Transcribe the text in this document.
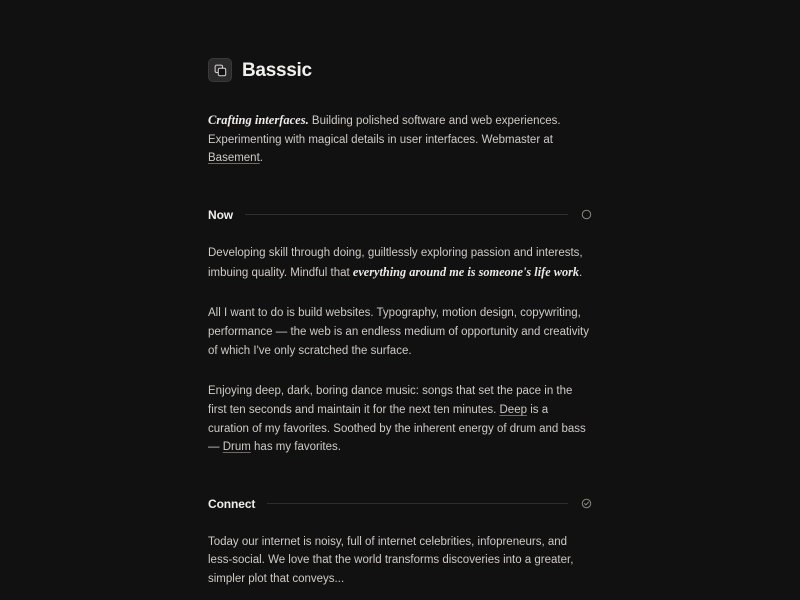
Basssic

Crafting interfaces. Building polished software and web experiences. Experimenting with magical details in user interfaces. Webmaster at Basement.

Now

Developing skill through doing, guiltlessly exploring passion and interests, imbuing quality. Mindful that everything around me is someone's life work.

All I want to do is build websites. Typography, motion design, copywriting, performance — the web is an endless medium of opportunity and creativity of which I've only scratched the surface.

Enjoying deep, dark, boring dance music: songs that set the pace in the first ten seconds and maintain it for the next ten minutes. Deep is a curation of my favorites. Soothed by the inherent energy of drum and bass — Drum has my favorites.

Connect

Today our internet is noisy, full of internet celebrities, infopreneurs, and less-social. We love that the world transforms discoveries into a greater, simpler plot that conveys...
